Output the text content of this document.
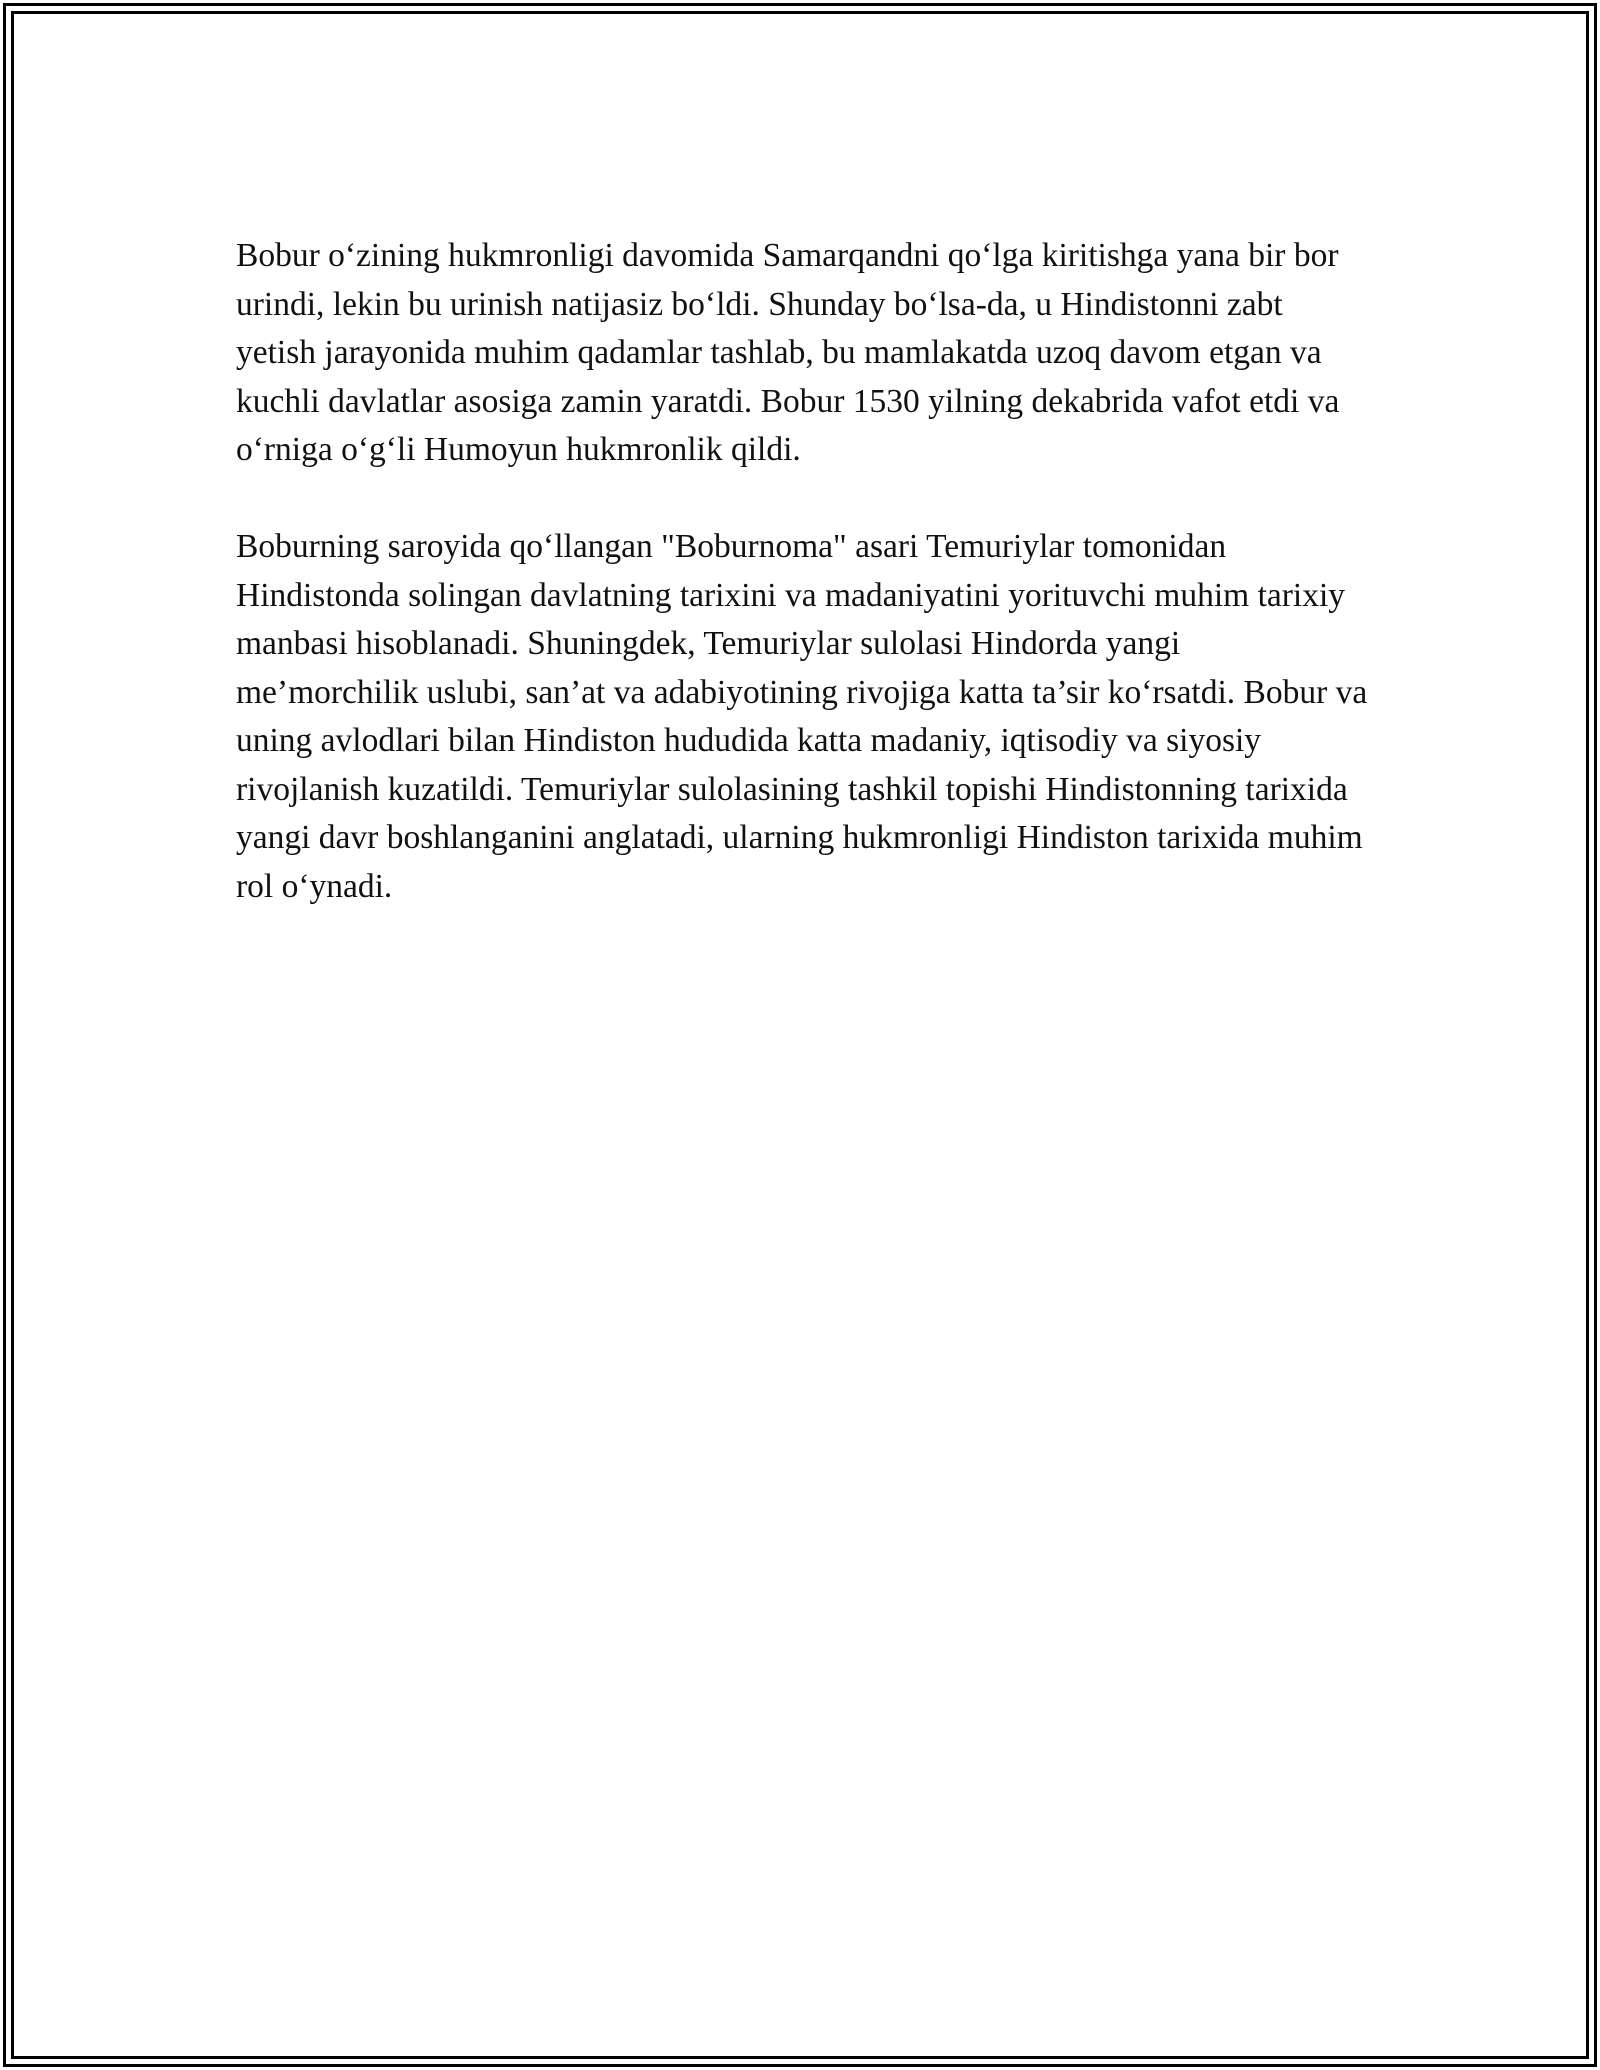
Bobur o‘zining hukmronligi davomida Samarqandni qo‘lga kiritishga yana bir bor urindi, lekin bu urinish natijasiz bo‘ldi. Shunday bo‘lsa-da, u Hindistonni zabt yetish jarayonida muhim qadamlar tashlab, bu mamlakatda uzoq davom etgan va kuchli davlatlar asosiga zamin yaratdi. Bobur 1530 yilning dekabrida vafot etdi va o‘rniga o‘g‘li Humoyun hukmronlik qildi.

Boburning saroyida qo‘llangan "Boburnoma" asari Temuriylar tomonidan Hindistonda solingan davlatning tarixini va madaniyatini yorituvchi muhim tarixiy manbasi hisoblanadi. Shuningdek, Temuriylar sulolasi Hindorda yangi me’morchilik uslubi, san’at va adabiyotining rivojiga katta ta’sir ko‘rsatdi. Bobur va uning avlodlari bilan Hindiston hududida katta madaniy, iqtisodiy va siyosiy rivojlanish kuzatildi. Temuriylar sulolasining tashkil topishi Hindistonning tarixida yangi davr boshlanganini anglatadi, ularning hukmronligi Hindiston tarixida muhim rol o‘ynadi.
